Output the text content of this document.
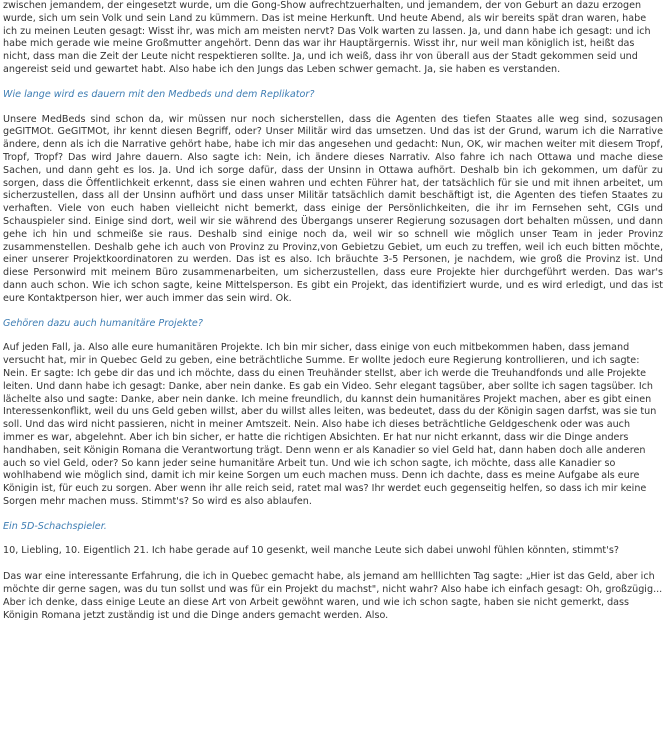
zwischen jemandem, der eingesetzt wurde, um die Gong-Show aufrechtzuerhalten, und jemandem, der von Geburt an dazu erzogen wurde, sich um sein Volk und sein Land zu kümmern. Das ist meine Herkunft. Und heute Abend, als wir bereits spät dran waren, habe ich zu meinen Leuten gesagt: Wisst ihr, was mich am meisten nervt? Das Volk warten zu lassen. Ja, und dann habe ich gesagt: und ich habe mich gerade wie meine Großmutter angehört. Denn das war ihr Hauptärgernis. Wisst ihr, nur weil man königlich ist, heißt das nicht, dass man die Zeit der Leute nicht respektieren sollte. Ja, und ich weiß, dass ihr von überall aus der Stadt gekommen seid und angereist seid und gewartet habt. Also habe ich den Jungs das Leben schwer gemacht. Ja, sie haben es verstanden.

Wie lange wird es dauern mit den Medbeds und dem Replikator?

Unsere MedBeds sind schon da, wir müssen nur noch sicherstellen, dass die Agenten des tiefen Staates alle weg sind, sozusagen geGITMOt. GeGITMOt, ihr kennt diesen Begriff, oder? Unser Militär wird das umsetzen. Und das ist der Grund, warum ich die Narrative ändere, denn als ich die Narrative gehört habe, habe ich mir das angesehen und gedacht: Nun, OK, wir machen weiter mit diesem Tropf, Tropf, Tropf? Das wird Jahre dauern. Also sagte ich: Nein, ich ändere dieses Narrativ. Also fahre ich nach Ottawa und mache diese Sachen, und dann geht es los. Ja. Und ich sorge dafür, dass der Unsinn in Ottawa aufhört. Deshalb bin ich gekommen, um dafür zu sorgen, dass die Öffentlichkeit erkennt, dass sie einen wahren und echten Führer hat, der tatsächlich für sie und mit ihnen arbeitet, um sicherzustellen, dass all der Unsinn aufhört und dass unser Militär tatsächlich damit beschäftigt ist, die Agenten des tiefen Staates zu verhaften. Viele von euch haben vielleicht nicht bemerkt, dass einige der Persönlichkeiten, die ihr im Fernsehen seht, CGIs und Schauspieler sind. Einige sind dort, weil wir sie während des Übergangs unserer Regierung sozusagen dort behalten müssen, und dann gehe ich hin und schmeiße sie raus. Deshalb sind einige noch da, weil wir so schnell wie möglich unser Team in jeder Provinz zusammenstellen. Deshalb gehe ich auch von Provinz zu Provinz,von Gebietzu Gebiet, um euch zu treffen, weil ich euch bitten möchte, einer unserer Projektkoordinatoren zu werden. Das ist es also. Ich bräuchte 3-5 Personen, je nachdem, wie groß die Provinz ist. Und diese Personwird mit meinem Büro zusammenarbeiten, um sicherzustellen, dass eure Projekte hier durchgeführt werden. Das war's dann auch schon. Wie ich schon sagte, keine Mittelsperson. Es gibt ein Projekt, das identifiziert wurde, und es wird erledigt, und das ist eure Kontaktperson hier, wer auch immer das sein wird. Ok.

Gehören dazu auch humanitäre Projekte?

Auf jeden Fall, ja. Also alle eure humanitären Projekte. Ich bin mir sicher, dass einige von euch mitbekommen haben, dass jemand versucht hat, mir in Quebec Geld zu geben, eine beträchtliche Summe. Er wollte jedoch eure Regierung kontrollieren, und ich sagte: Nein. Er sagte: Ich gebe dir das und ich möchte, dass du einen Treuhänder stellst, aber ich werde die Treuhandfonds und alle Projekte leiten. Und dann habe ich gesagt: Danke, aber nein danke. Es gab ein Video. Sehr elegant tagsüber, aber sollte ich sagen tagsüber. Ich lächelte also und sagte: Danke, aber nein danke. Ich meine freundlich, du kannst dein humanitäres Projekt machen, aber es gibt einen Interessenkonflikt, weil du uns Geld geben willst, aber du willst alles leiten, was bedeutet, dass du der Königin sagen darfst, was sie tun soll. Und das wird nicht passieren, nicht in meiner Amtszeit. Nein. Also habe ich dieses beträchtliche Geldgeschenk oder was auch immer es war, abgelehnt. Aber ich bin sicher, er hatte die richtigen Absichten. Er hat nur nicht erkannt, dass wir die Dinge anders handhaben, seit Königin Romana die Verantwortung trägt. Denn wenn er als Kanadier so viel Geld hat, dann haben doch alle anderen auch so viel Geld, oder? So kann jeder seine humanitäre Arbeit tun. Und wie ich schon sagte, ich möchte, dass alle Kanadier so wohlhabend wie möglich sind, damit ich mir keine Sorgen um euch machen muss. Denn ich dachte, dass es meine Aufgabe als eure Königin ist, für euch zu sorgen. Aber wenn ihr alle reich seid, ratet mal was? Ihr werdet euch gegenseitig helfen, so dass ich mir keine Sorgen mehr machen muss. Stimmt's? So wird es also ablaufen.

Ein 5D-Schachspieler.

10, Liebling, 10. Eigentlich 21. Ich habe gerade auf 10 gesenkt, weil manche Leute sich dabei unwohl fühlen könnten, stimmt's?

Das war eine interessante Erfahrung, die ich in Quebec gemacht habe, als jemand am helllichten Tag sagte: „Hier ist das Geld, aber ich möchte dir gerne sagen, was du tun sollst und was für ein Projekt du machst", nicht wahr? Also habe ich einfach gesagt: Oh, großzügig... Aber ich denke, dass einige Leute an diese Art von Arbeit gewöhnt waren, und wie ich schon sagte, haben sie nicht gemerkt, dass Königin Romana jetzt zuständig ist und die Dinge anders gemacht werden. Also.
